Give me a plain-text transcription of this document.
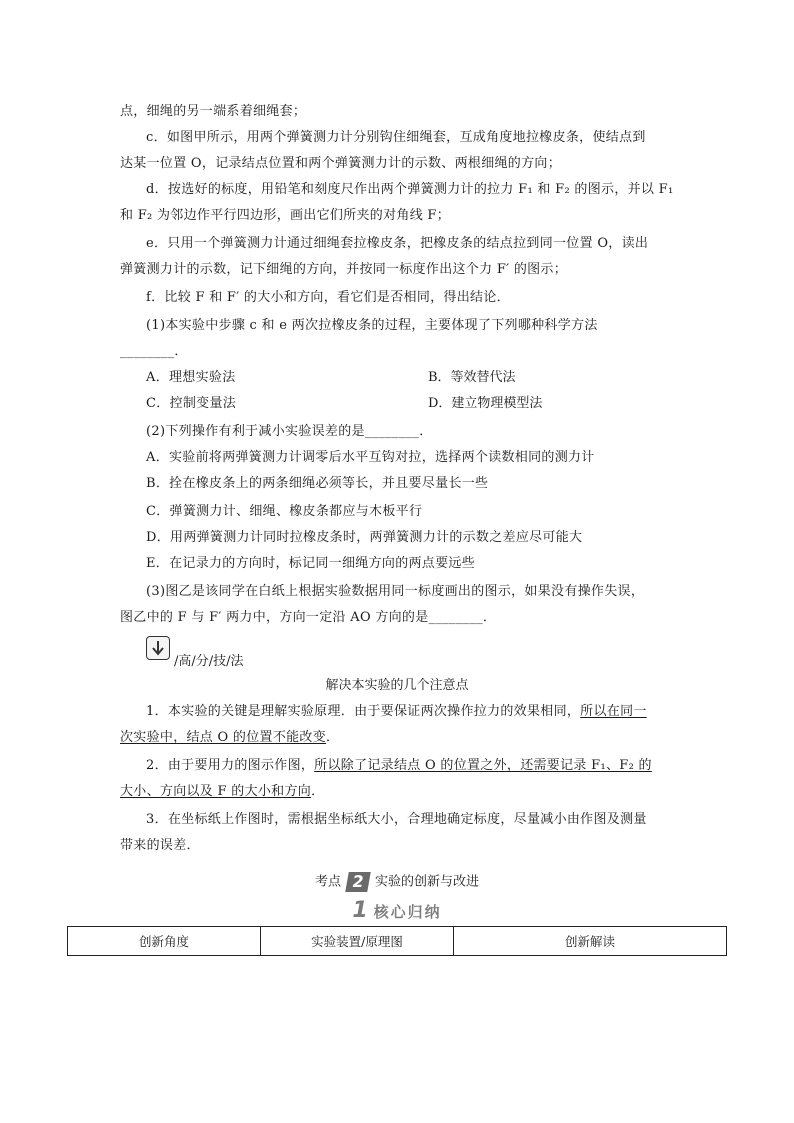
点，细绳的另一端系着细绳套；
c．如图甲所示，用两个弹簧测力计分别钩住细绳套，互成角度地拉橡皮条，使结点到
达某一位置 O，记录结点位置和两个弹簧测力计的示数、两根细绳的方向；
d．按选好的标度，用铅笔和刻度尺作出两个弹簧测力计的拉力 F₁ 和 F₂ 的图示，并以 F₁
和 F₂ 为邻边作平行四边形，画出它们所夹的对角线 F；
e．只用一个弹簧测力计通过细绳套拉橡皮条，把橡皮条的结点拉到同一位置 O，读出
弹簧测力计的示数，记下细绳的方向，并按同一标度作出这个力 F′ 的图示；
f．比较 F 和 F′ 的大小和方向，看它们是否相同，得出结论．
(1)本实验中步骤 c 和 e 两次拉橡皮条的过程，主要体现了下列哪种科学方法
________．
A．理想实验法	B．等效替代法
C．控制变量法	D．建立物理模型法
(2)下列操作有利于减小实验误差的是________．
A．实验前将两弹簧测力计调零后水平互钩对拉，选择两个读数相同的测力计
B．拴在橡皮条上的两条细绳必须等长，并且要尽量长一些
C．弹簧测力计、细绳、橡皮条都应与木板平行
D．用两弹簧测力计同时拉橡皮条时，两弹簧测力计的示数之差应尽可能大
E．在记录力的方向时，标记同一细绳方向的两点要远些
(3)图乙是该同学在白纸上根据实验数据用同一标度画出的图示，如果没有操作失误，
图乙中的 F 与 F′ 两力中，方向一定沿 AO 方向的是________．
/高/分/技/法
解决本实验的几个注意点
1．本实验的关键是理解实验原理．由于要保证两次操作拉力的效果相同，所以在同一
次实验中，结点 O 的位置不能改变．
2．由于要用力的图示作图，所以除了记录结点 O 的位置之外，还需要记录 F₁、F₂ 的
大小、方向以及 F 的大小和方向．
3．在坐标纸上作图时，需根据坐标纸大小，合理地确定标度，尽量减小由作图及测量
带来的误差．
考点 2 实验的创新与改进
1 核心归纳
创新角度	实验装置/原理图	创新解读
